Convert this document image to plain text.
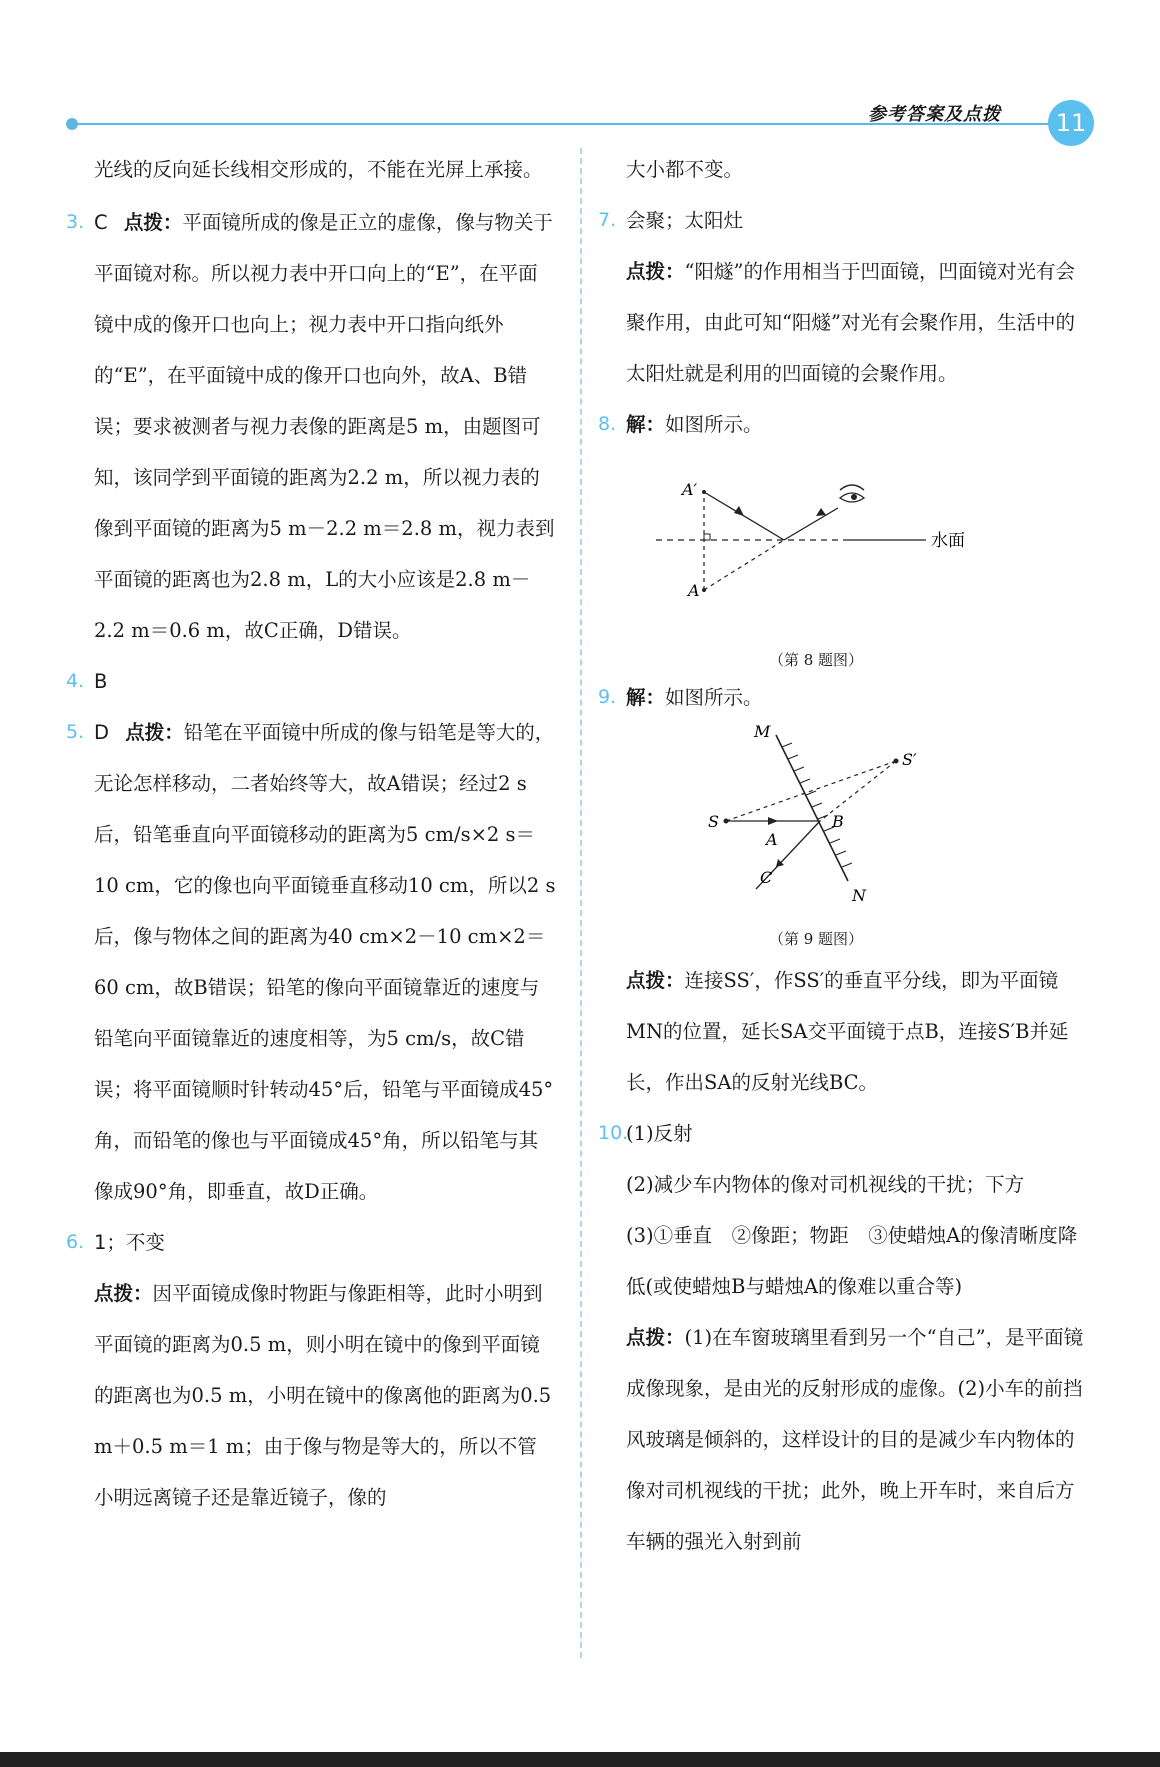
参考答案及点拨	11

光线的反向延长线相交形成的，不能在光屏上承接。

3. C 点拨：平面镜所成的像是正立的虚像，像与物关于平面镜对称。所以视力表中开口向上的“E”，在平面镜中成的像开口也向上；视力表中开口指向纸外的“E”，在平面镜中成的像开口也向外，故A、B错误；要求被测者与视力表像的距离是5 m，由题图可知，该同学到平面镜的距离为2.2 m，所以视力表的像到平面镜的距离为5 m－2.2 m＝2.8 m，视力表到平面镜的距离也为2.8 m，L的大小应该是2.8 m－2.2 m＝0.6 m，故C正确，D错误。

4. B

5. D 点拨：铅笔在平面镜中所成的像与铅笔是等大的，无论怎样移动，二者始终等大，故A错误；经过2 s后，铅笔垂直向平面镜移动的距离为5 cm/s×2 s＝10 cm，它的像也向平面镜垂直移动10 cm，所以2 s后，像与物体之间的距离为40 cm×2－10 cm×2＝60 cm，故B错误；铅笔的像向平面镜靠近的速度与铅笔向平面镜靠近的速度相等，为5 cm/s，故C错误；将平面镜顺时针转动45°后，铅笔与平面镜成45°角，而铅笔的像也与平面镜成45°角，所以铅笔与其像成90°角，即垂直，故D正确。

6. 1；不变

点拨：因平面镜成像时物距与像距相等，此时小明到平面镜的距离为0.5 m，则小明在镜中的像到平面镜的距离也为0.5 m，小明在镜中的像离他的距离为0.5 m＋0.5 m＝1 m；由于像与物是等大的，所以不管小明远离镜子还是靠近镜子，像的

大小都不变。

7. 会聚；太阳灶

点拨：“阳燧”的作用相当于凹面镜，凹面镜对光有会聚作用，由此可知“阳燧”对光有会聚作用，生活中的太阳灶就是利用的凹面镜的会聚作用。

8. 解：如图所示。

A′
A
水面
（第 8 题图）

9. 解：如图所示。

M
N
S
S′
A
B
C
（第 9 题图）

点拨：连接SS′，作SS′的垂直平分线，即为平面镜MN的位置，延长SA交平面镜于点B，连接S′B并延长，作出SA的反射光线BC。

10.
(1)反射

(2)减少车内物体的像对司机视线的干扰；下方

(3)①垂直　②像距；物距　③使蜡烛A的像清晰度降低(或使蜡烛B与蜡烛A的像难以重合等)

点拨：(1)在车窗玻璃里看到另一个“自己”，是平面镜成像现象，是由光的反射形成的虚像。(2)小车的前挡风玻璃是倾斜的，这样设计的目的是减少车内物体的像对司机视线的干扰；此外，晚上开车时，来自后方车辆的强光入射到前
